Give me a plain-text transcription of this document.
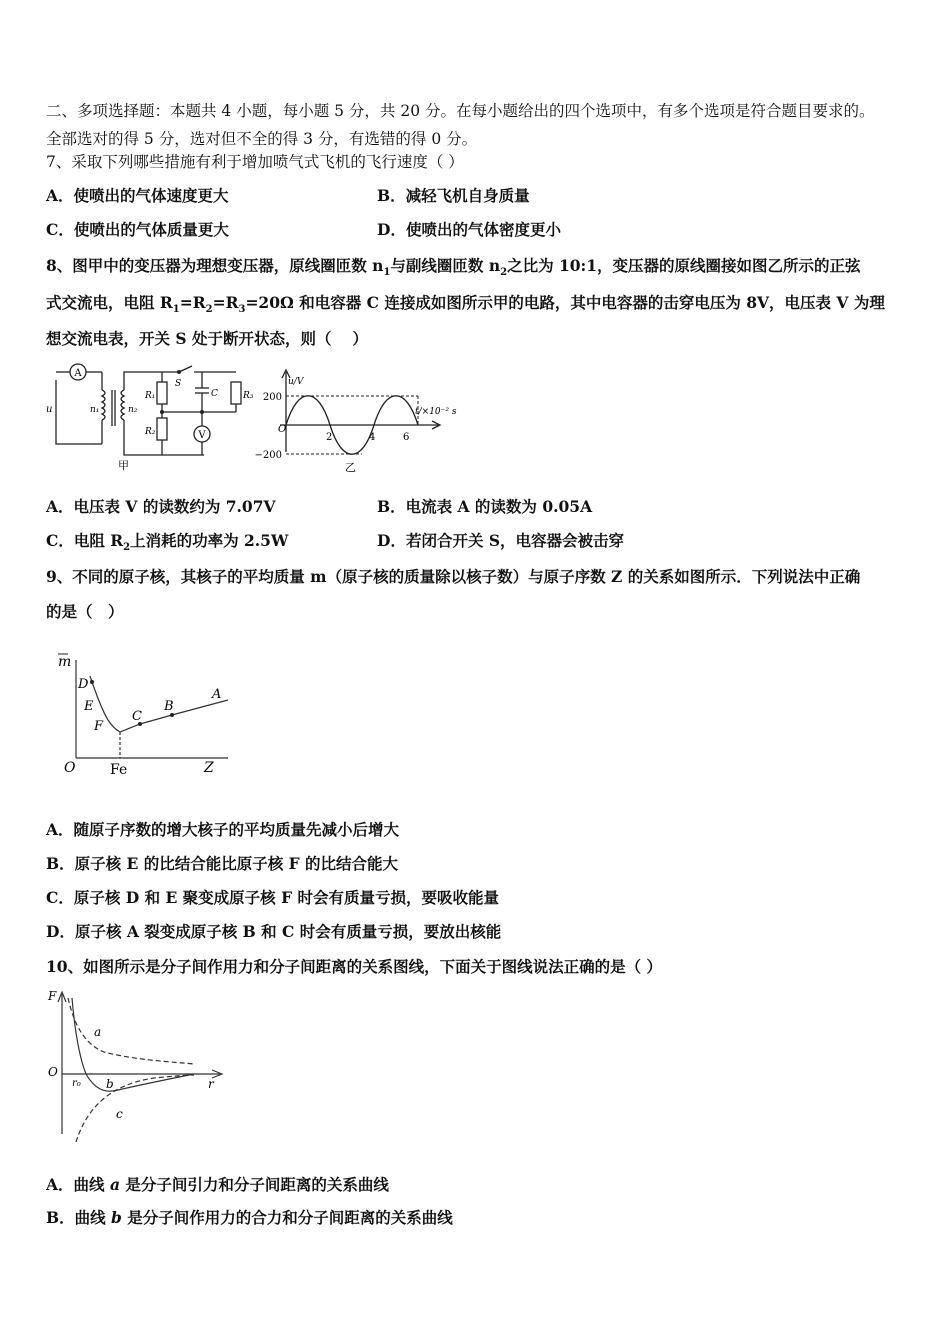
二、多项选择题：本题共 4 小题，每小题 5 分，共 20 分。在每小题给出的四个选项中，有多个选项是符合题目要求的。
全部选对的得 5 分，选对但不全的得 3 分，有选错的得 0 分。
7、采取下列哪些措施有利于增加喷气式飞机的飞行速度（ ）
A．使喷出的气体速度更大	B．减轻飞机自身质量
C．使喷出的气体质量更大	D．使喷出的气体密度更小
8、图甲中的变压器为理想变压器，原线圈匝数 $n_1$与副线圈匝数 $n_2$之比为 10:1，变压器的原线圈接如图乙所示的正弦
式交流电，电阻 $R_1=R_2=R_3=20\Omega$ 和电容器 C 连接成如图所示甲的电路，其中电容器的击穿电压为 8V，电压表 V 为理
想交流电表，开关 S 处于断开状态，则（　 ）
A
V
u	n₁	n₂
R₁
R₂
R₃
S
C
甲
u/V
t/×10⁻² s
200
−200
O
2	4	6
乙
A．电压表 V 的读数约为 7.07V	B．电流表 A 的读数为 0.05A
C．电阻 $R_2$上消耗的功率为 2.5W	D．若闭合开关 S，电容器会被击穿
9、不同的原子核，其核子的平均质量 m（原子核的质量除以核子数）与原子序数 Z 的关系如图所示．下列说法中正确
的是（　）
m
Z
O Fe
D
E
F
C
B
A
A．随原子序数的增大核子的平均质量先减小后增大
B．原子核 E 的比结合能比原子核 F 的比结合能大
C．原子核 D 和 E 聚变成原子核 F 时会有质量亏损，要吸收能量
D．原子核 A 裂变成原子核 B 和 C 时会有质量亏损，要放出核能
10、如图所示是分子间作用力和分子间距离的关系图线，下面关于图线说法正确的是（ ）
F
r
O
r₀
a
b
c
A．曲线 a 是分子间引力和分子间距离的关系曲线
B．曲线 b 是分子间作用力的合力和分子间距离的关系曲线
